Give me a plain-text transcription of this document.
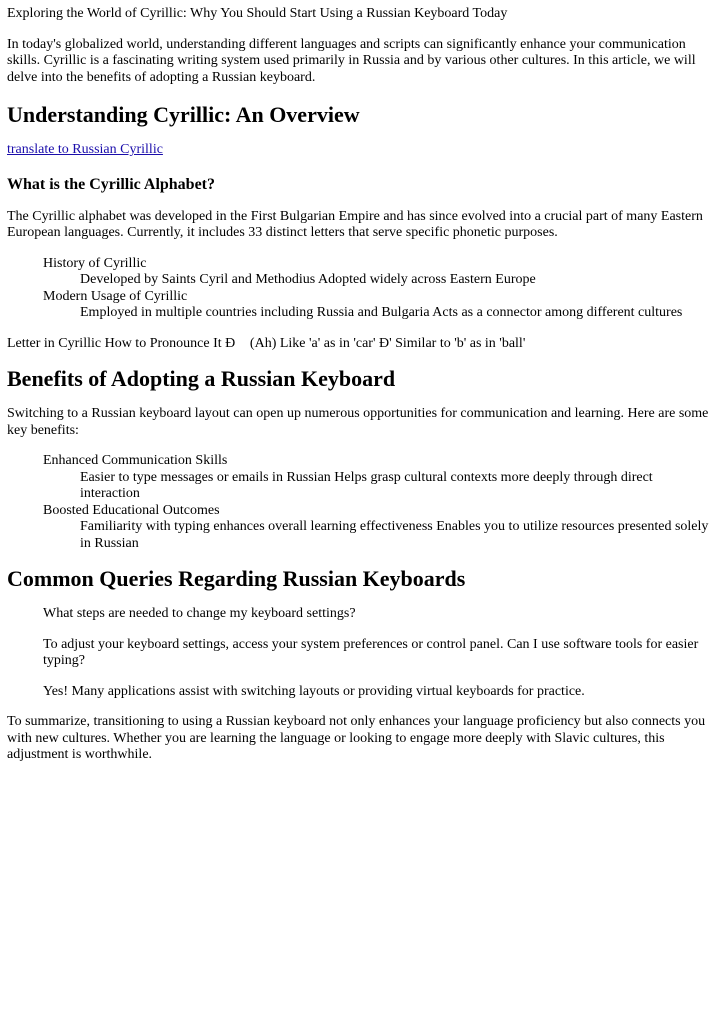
Exploring the World of Cyrillic: Why You Should Start Using a Russian Keyboard Today

In today's globalized world, understanding different languages and scripts can significantly enhance your communication skills. Cyrillic is a fascinating writing system used primarily in Russia and by various other cultures. In this article, we will delve into the benefits of adopting a Russian keyboard.

Understanding Cyrillic: An Overview

translate to Russian Cyrillic

What is the Cyrillic Alphabet?

The Cyrillic alphabet was developed in the First Bulgarian Empire and has since evolved into a crucial part of many Eastern European languages. Currently, it includes 33 distinct letters that serve specific phonetic purposes.

History of Cyrillic
Developed by Saints Cyril and Methodius Adopted widely across Eastern Europe
Modern Usage of Cyrillic
Employed in multiple countries including Russia and Bulgaria Acts as a connector among different cultures

Letter in Cyrillic How to Pronounce It Ð (Ah) Like 'a' as in 'car' Ð' Similar to 'b' as in 'ball'

Benefits of Adopting a Russian Keyboard

Switching to a Russian keyboard layout can open up numerous opportunities for communication and learning. Here are some key benefits:

Enhanced Communication Skills
Easier to type messages or emails in Russian Helps grasp cultural contexts more deeply through direct interaction
Boosted Educational Outcomes
Familiarity with typing enhances overall learning effectiveness Enables you to utilize resources presented solely in Russian
Common Queries Regarding Russian Keyboards

What steps are needed to change my keyboard settings?

To adjust your keyboard settings, access your system preferences or control panel. Can I use software tools for easier typing?

Yes! Many applications assist with switching layouts or providing virtual keyboards for practice.

To summarize, transitioning to using a Russian keyboard not only enhances your language proficiency but also connects you with new cultures. Whether you are learning the language or looking to engage more deeply with Slavic cultures, this adjustment is worthwhile.
